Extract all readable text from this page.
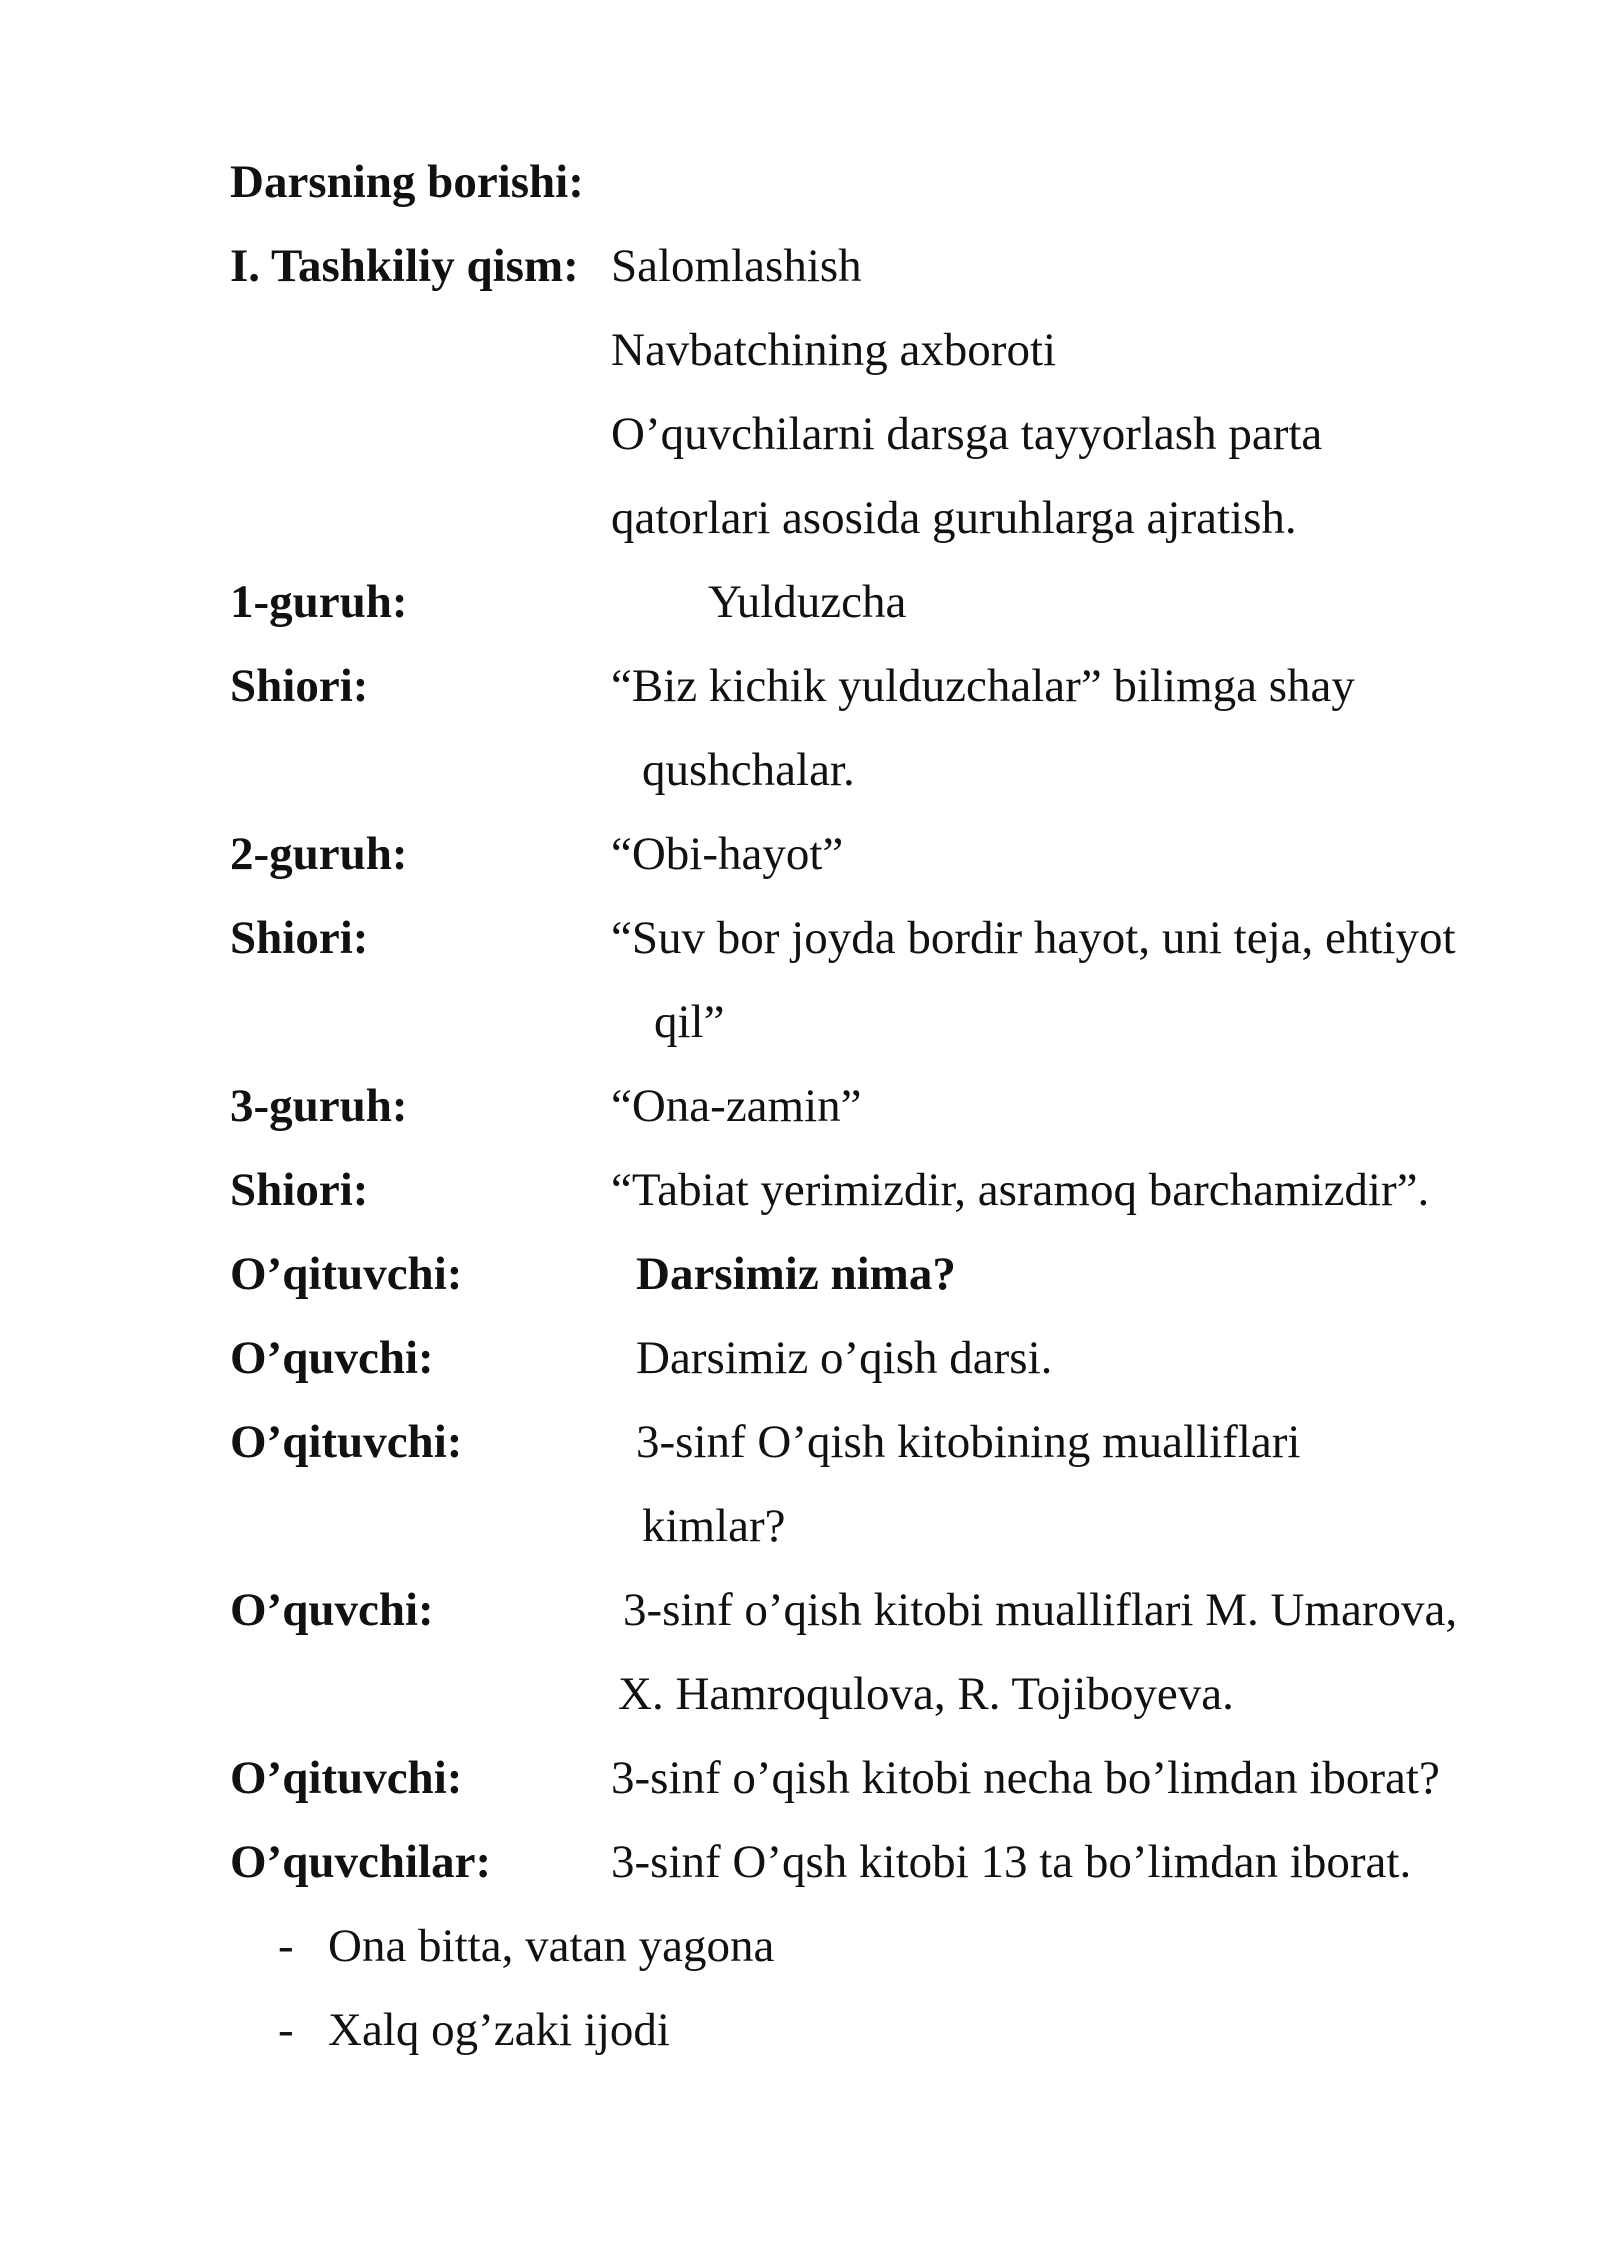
Darsning borishi:
I. Tashkiliy qism: Salomlashish
Navbatchining axboroti
O’quvchilarni darsga tayyorlash parta
qatorlari asosida guruhlarga ajratish.
1-guruh:	Yulduzcha
Shiori:	“Biz kichik yulduzchalar” bilimga shay
qushchalar.
2-guruh:	“Obi-hayot”
Shiori:	“Suv bor joyda bordir hayot, uni teja, ehtiyot
qil”
3-guruh:	“Ona-zamin”
Shiori:	“Tabiat yerimizdir, asramoq barchamizdir”.
O’qituvchi:	Darsimiz nima?
O’quvchi:	Darsimiz o’qish darsi.
O’qituvchi:	3-sinf O’qish kitobining mualliflari
kimlar?
O’quvchi:	3-sinf o’qish kitobi mualliflari M. Umarova,
X. Hamroqulova, R. Tojiboyeva.
O’qituvchi:	3-sinf o’qish kitobi necha bo’limdan iborat?
O’quvchilar:	3-sinf O’qsh kitobi 13 ta bo’limdan iborat.
- Ona bitta, vatan yagona
- Xalq og’zaki ijodi
